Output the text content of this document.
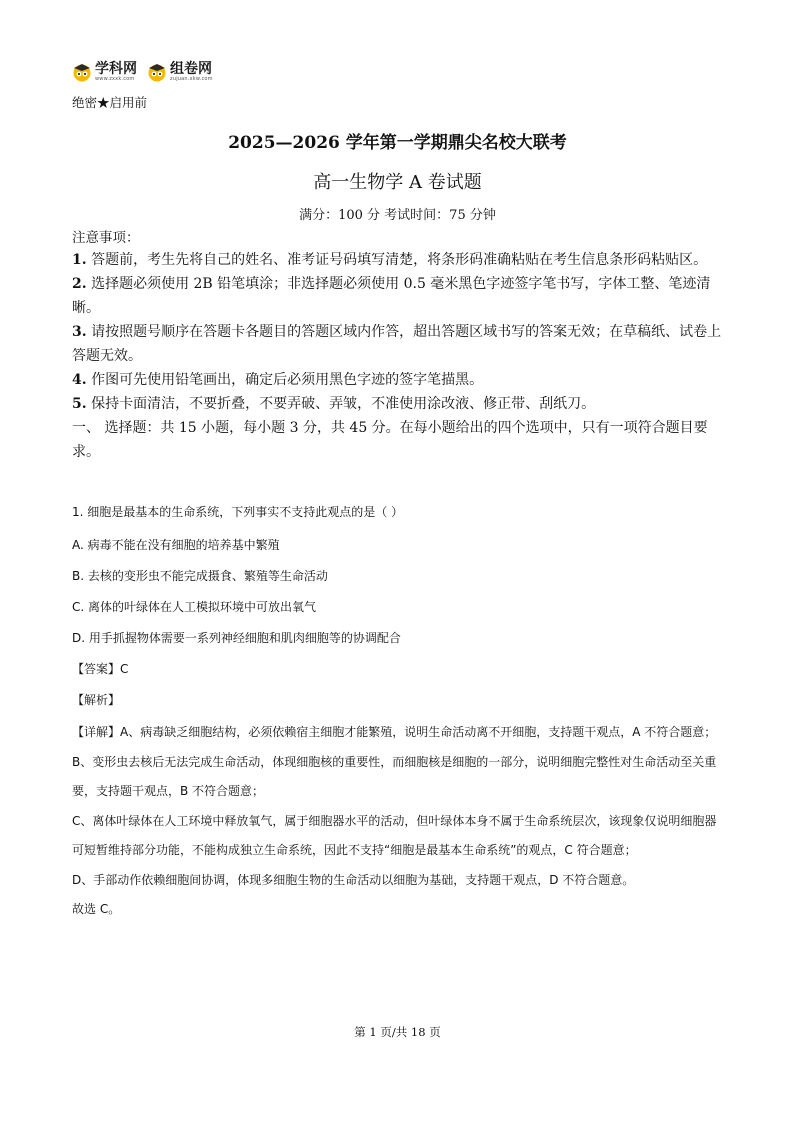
学科网
www.zxxk.com
组卷网
zujuan.xkw.com
绝密★启用前
2025—2026 学年第一学期鼎尖名校大联考
高一生物学 A 卷试题
满分：100 分 考试时间：75 分钟
注意事项：

1. 答题前，考生先将自己的姓名、准考证号码填写清楚，将条形码准确粘贴在考生信息条形码粘贴区。

2. 选择题必须使用 2B 铅笔填涂；非选择题必须使用 0.5 毫米黑色字迹签字笔书写，字体工整、笔迹清晰。

3. 请按照题号顺序在答题卡各题目的答题区域内作答，超出答题区域书写的答案无效；在草稿纸、试卷上答题无效。

4. 作图可先使用铅笔画出，确定后必须用黑色字迹的签字笔描黑。

5. 保持卡面清洁，不要折叠，不要弄破、弄皱，不准使用涂改液、修正带、刮纸刀。

一、 选择题：共 15 小题，每小题 3 分，共 45 分。在每小题给出的四个选项中，只有一项符合题目要求。

1. 细胞是最基本的生命系统，下列事实不支持此观点的是（ ）
A. 病毒不能在没有细胞的培养基中繁殖
B. 去核的变形虫不能完成摄食、繁殖等生命活动
C. 离体的叶绿体在人工模拟环境中可放出氧气
D. 用手抓握物体需要一系列神经细胞和肌肉细胞等的协调配合
【答案】C
【解析】

【详解】A、病毒缺乏细胞结构，必须依赖宿主细胞才能繁殖，说明生命活动离不开细胞，支持题干观点，A 不符合题意；

B、变形虫去核后无法完成生命活动，体现细胞核的重要性，而细胞核是细胞的一部分，说明细胞完整性对生命活动至关重要，支持题干观点，B 不符合题意；

C、离体叶绿体在人工环境中释放氧气，属于细胞器水平的活动，但叶绿体本身不属于生命系统层次，该现象仅说明细胞器可短暂维持部分功能，不能构成独立生命系统，因此不支持“细胞是最基本生命系统”的观点，C 符合题意；

D、手部动作依赖细胞间协调，体现多细胞生物的生命活动以细胞为基础，支持题干观点，D 不符合题意。

故选 C。

第 1 页/共 18 页
